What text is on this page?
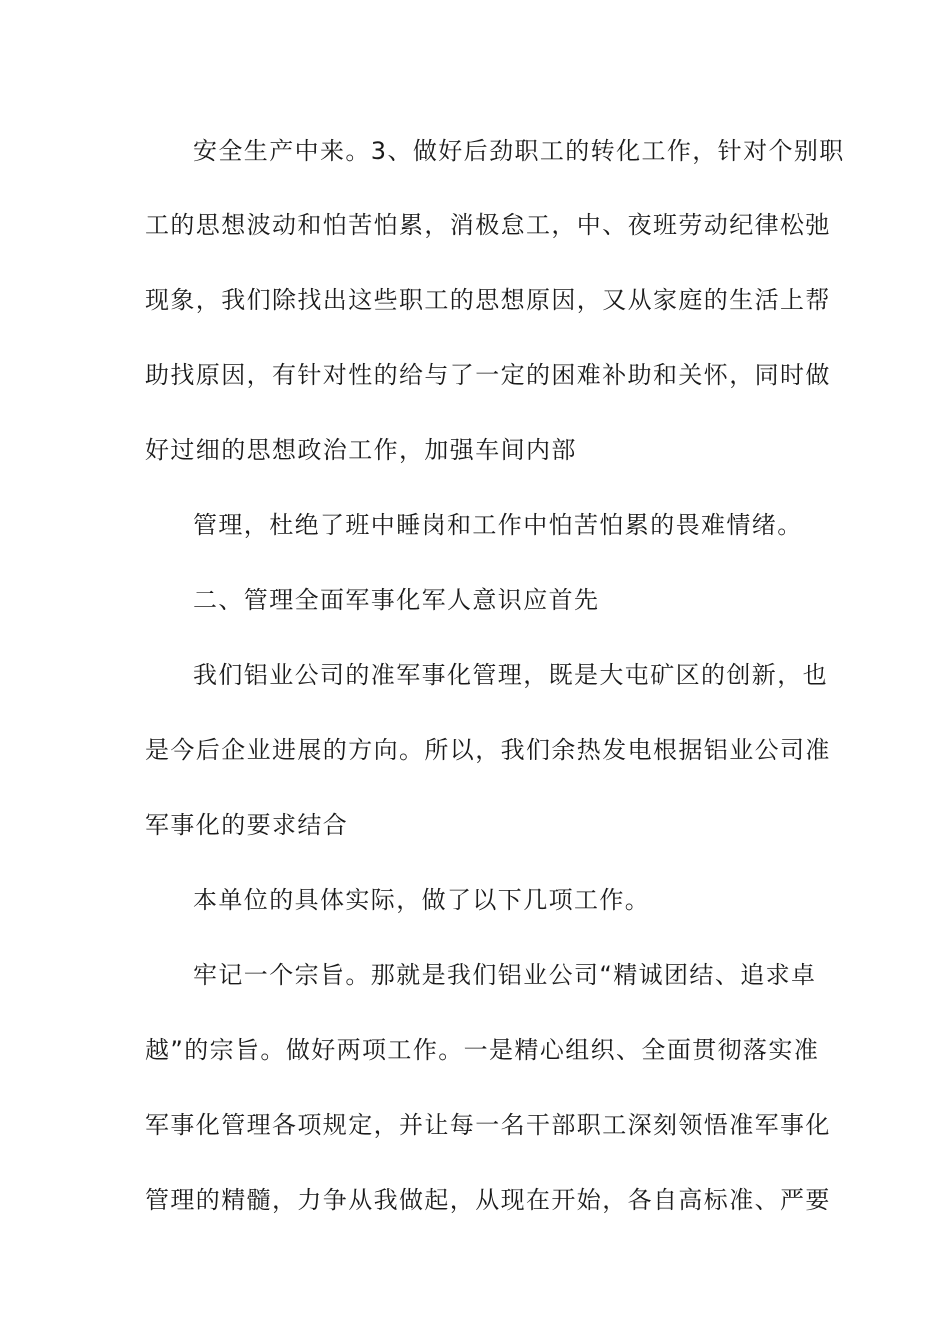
安全生产中来。3、做好后劲职工的转化工作，针对个别职
工的思想波动和怕苦怕累，消极怠工，中、夜班劳动纪律松弛
现象，我们除找出这些职工的思想原因，又从家庭的生活上帮
助找原因，有针对性的给与了一定的困难补助和关怀，同时做
好过细的思想政治工作，加强车间内部
管理，杜绝了班中睡岗和工作中怕苦怕累的畏难情绪。
二、管理全面军事化军人意识应首先
我们铝业公司的准军事化管理，既是大屯矿区的创新，也
是今后企业进展的方向。所以，我们余热发电根据铝业公司准
军事化的要求结合
本单位的具体实际，做了以下几项工作。
牢记一个宗旨。那就是我们铝业公司“精诚团结、追求卓
越”的宗旨。做好两项工作。一是精心组织、全面贯彻落实准
军事化管理各项规定，并让每一名干部职工深刻领悟准军事化
管理的精髓，力争从我做起，从现在开始，各自高标准、严要
